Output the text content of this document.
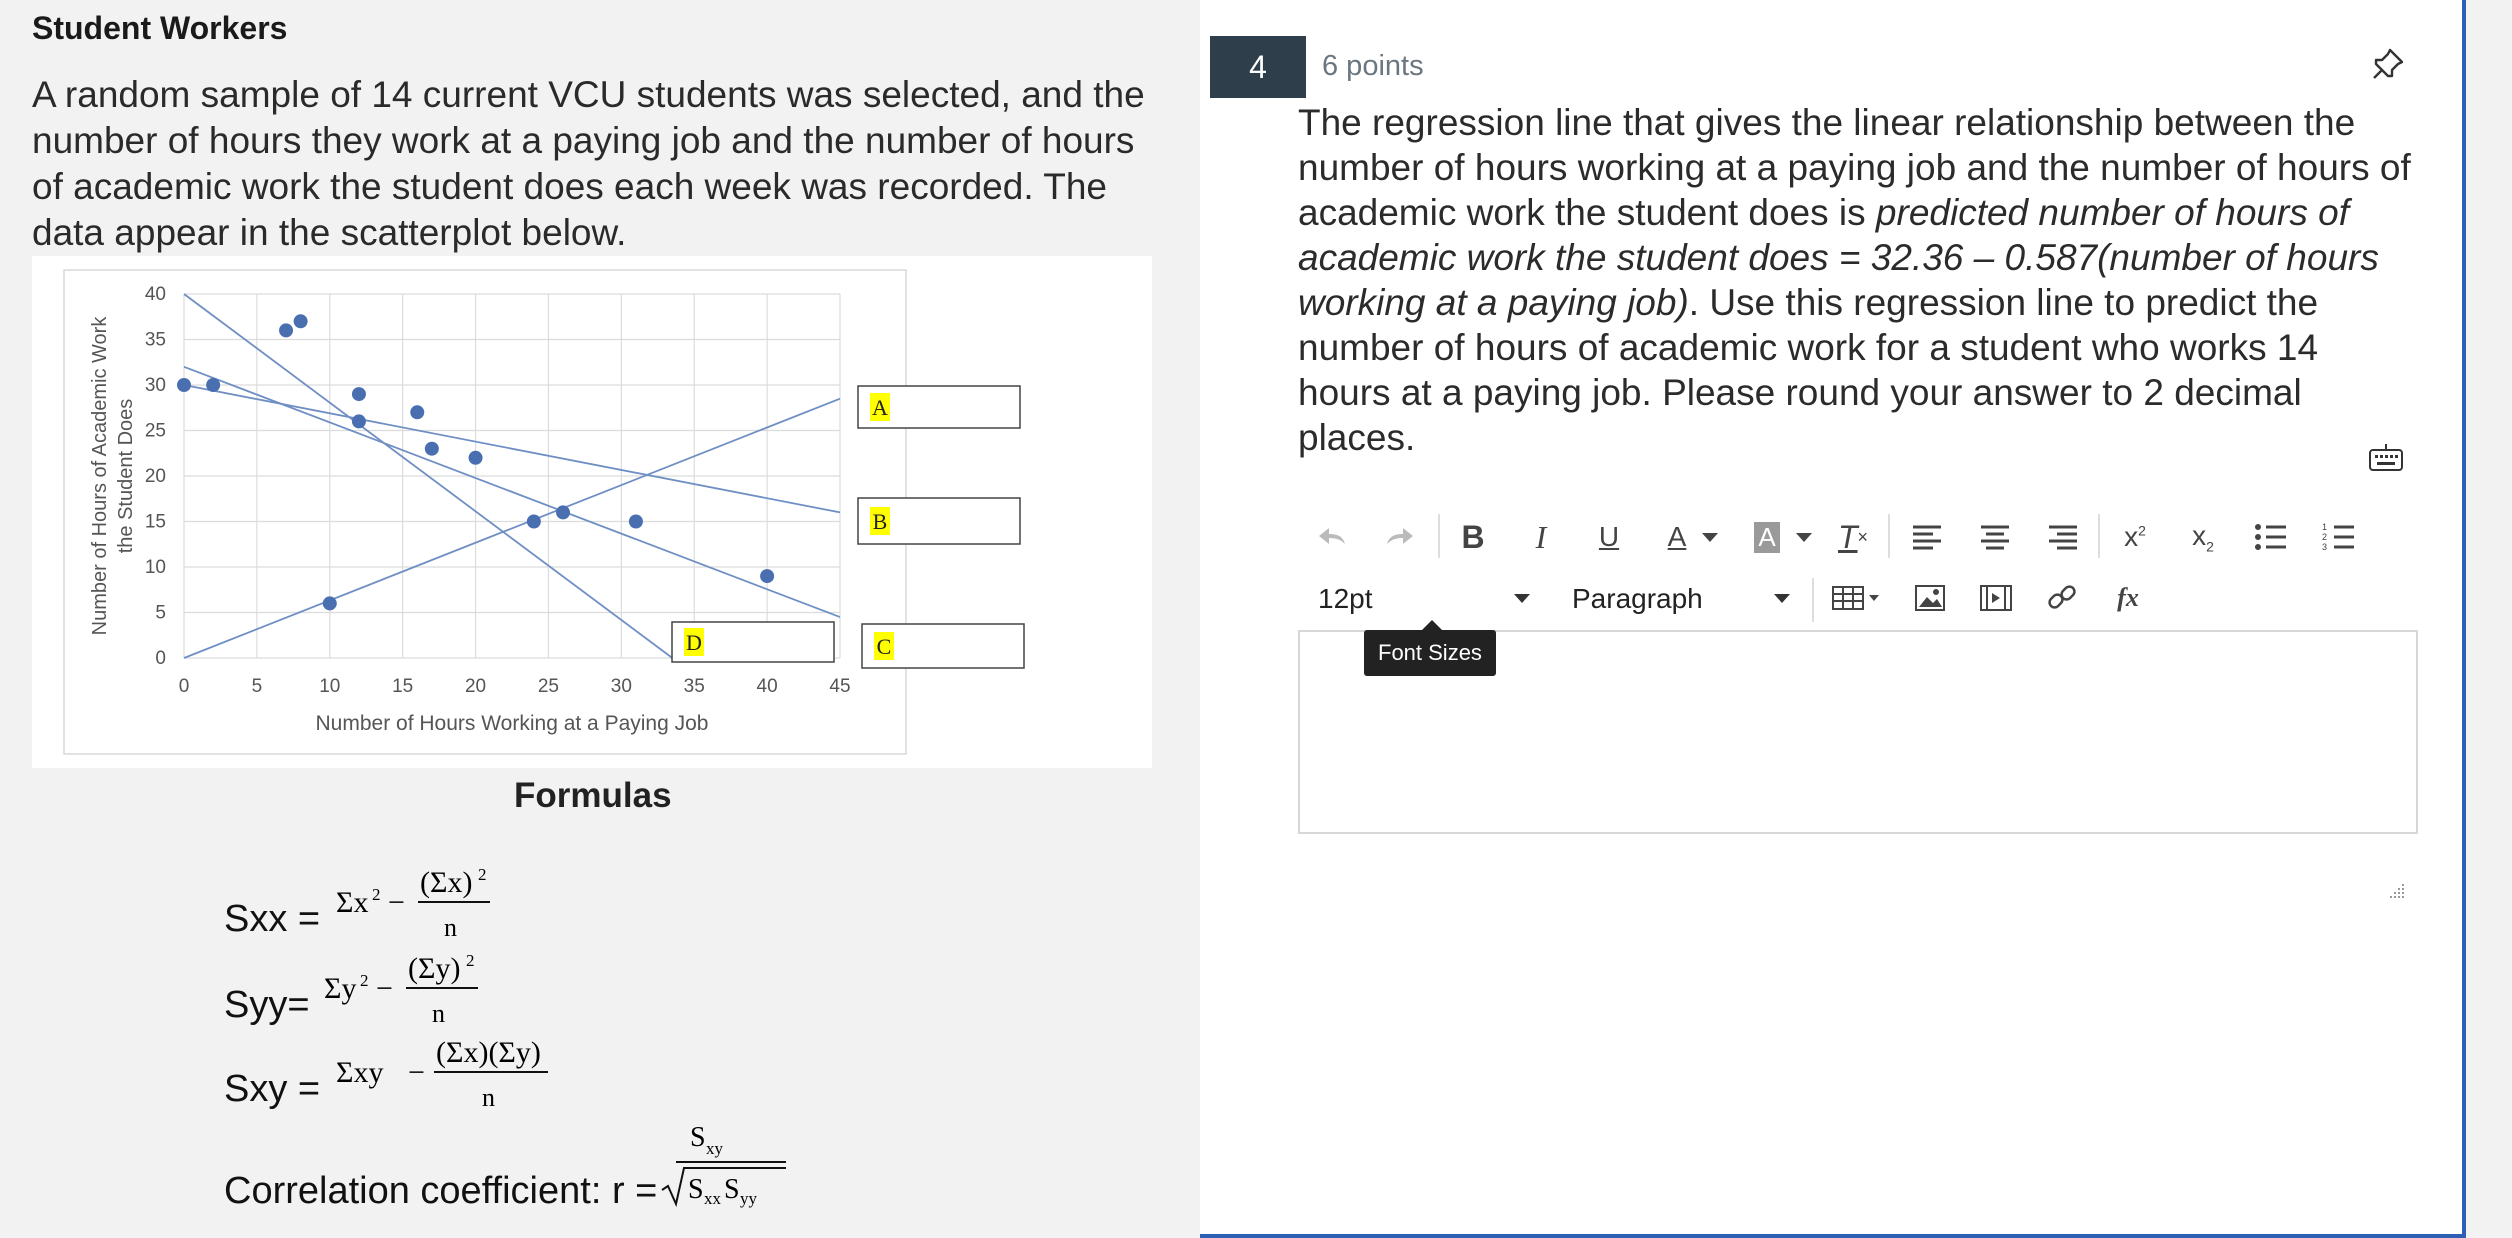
Student Workers
A random sample of 14 current VCU students was selected, and the number of hours they work at a paying job and the number of hours of academic work the student does each week was recorded. The data appear in the scatterplot below.
0	5	10	15	20	25	30	35	40	45
0
5
10
15
20
25
30
35
40
Number of Hours Working at a Paying Job
Number of Hours of Academic Work the Student Does	A
B
C
D
Formulas
Sxx = Σx 2 −
(Σx) 2
n
Syy= Σy 2 −
(Σy) 2
n
Sxy = Σxy −
(Σx)(Σy)
n
Correlation coefficient: r =
S xy
S xx S yy
4	6 points
The regression line that gives the linear relationship between the number of hours working at a paying job and the number of hours of academic work the student does is predicted number of hours of academic work the student does = 32.36 – 0.587(number of hours working at a paying job). Use this regression line to predict the number of hours of academic work for a student who works 14 hours at a paying job. Please round your answer to 2 decimal places.
B I U A	A T ×	$x^2$ $x_2$
1
2
3
12pt	Paragraph	fx
Font Sizes
